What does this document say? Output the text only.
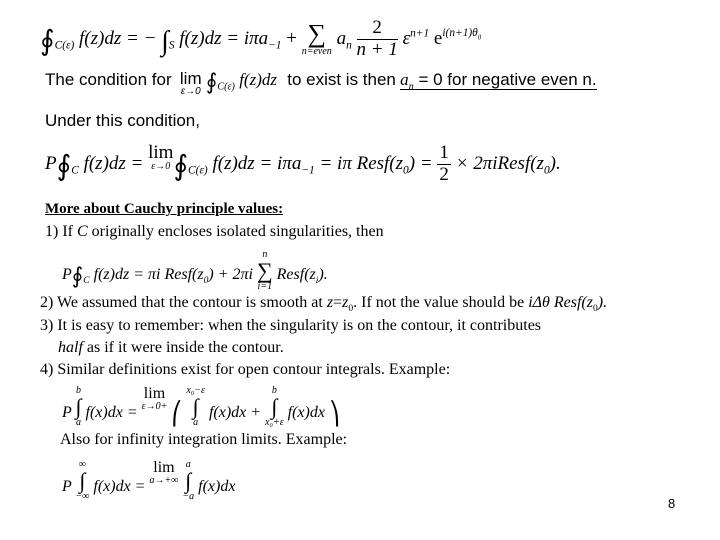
$∮_{C(\varepsilon)}$ f(z)dz = − $\int_S$ f(z)dz = iπa$_{-1}$ + ∑
n=even
$a_n \frac{2}{n + 1} \varepsilon^{n+1}$ $e^{i(n+1)\theta_0}$
The condition for lim
ε→0 $∮_{C(\varepsilon)}$ f(z)dz to exist is then $a_n = 0$ for negative even n.
Under this condition,
$P∮_C$ f(z)dz =
lim
ε→0 $∮_{C(\varepsilon)}$ f(z)dz = iπa$_{-1}$ = iπ $Resf(z_0) = \frac{1}{2}$ × $2\pi iResf(z_0)$.
More about Cauchy principle values:
1) If C originally encloses isolated singularities, then
$P∮_C$ f(z)dz = πi $Resf(z_0) + 2\pi i$
n
∑
i=1
$Resf(z_i)$.
2) We assumed that the contour is smooth at $z=z_0$. If not the value should be iΔθ $Resf(z_0)$.
3) It is easy to remember: when the singularity is on the contour, it contributes
half as if it were inside the contour.
4) Similar definitions exist for open contour integrals. Example:
P
b
∫
a
f(x)dx =
lim
ε→0+ ⎛
x₀−ε
∫
a
f(x)dx +
b
∫
x₀+ε
f(x)dx ⎞
Also for infinity integration limits. Example:
P
∞
∫
−∞
f(x)dx =
lim
a→+∞

a
∫
−a
f(x)dx
8
